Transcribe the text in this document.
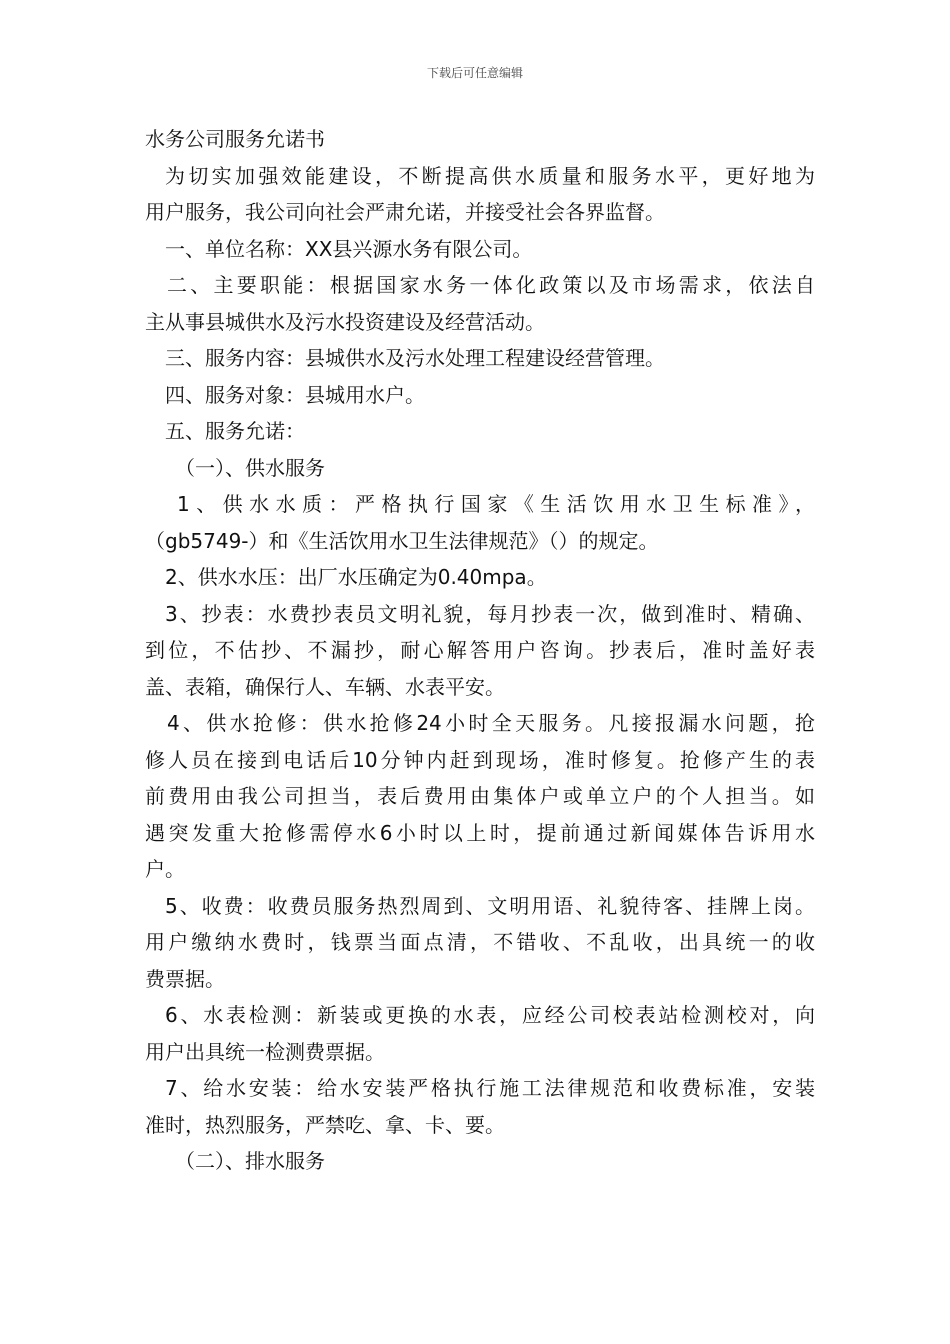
下载后可任意编辑
水务公司服务允诺书
为切实加强效能建设，不断提高供水质量和服务水平，更好地为
用户服务，我公司向社会严肃允诺，并接受社会各界监督。
一、单位名称：XX县兴源水务有限公司。
二、主要职能：根据国家水务一体化政策以及市场需求，依法自
主从事县城供水及污水投资建设及经营活动。
三、服务内容：县城供水及污水处理工程建设经营管理。
四、服务对象：县城用水户。
五、服务允诺：
（一）、供水服务
1、供水水质：严格执行国家《生活饮用水卫生标准》，
（gb5749-）和《生活饮用水卫生法律规范》（）的规定。
2、供水水压：出厂水压确定为0.40mpa。
3、抄表：水费抄表员文明礼貌，每月抄表一次，做到准时、精确、
到位，不估抄、不漏抄，耐心解答用户咨询。抄表后，准时盖好表
盖、表箱，确保行人、车辆、水表平安。
4、供水抢修：供水抢修24小时全天服务。凡接报漏水问题，抢
修人员在接到电话后10分钟内赶到现场，准时修复。抢修产生的表
前费用由我公司担当，表后费用由集体户或单立户的个人担当。如
遇突发重大抢修需停水6小时以上时，提前通过新闻媒体告诉用水
户。
5、收费：收费员服务热烈周到、文明用语、礼貌待客、挂牌上岗。
用户缴纳水费时，钱票当面点清，不错收、不乱收，出具统一的收
费票据。
6、水表检测：新装或更换的水表，应经公司校表站检测校对，向
用户出具统一检测费票据。
7、给水安装：给水安装严格执行施工法律规范和收费标准，安装
准时，热烈服务，严禁吃、拿、卡、要。
（二）、排水服务
